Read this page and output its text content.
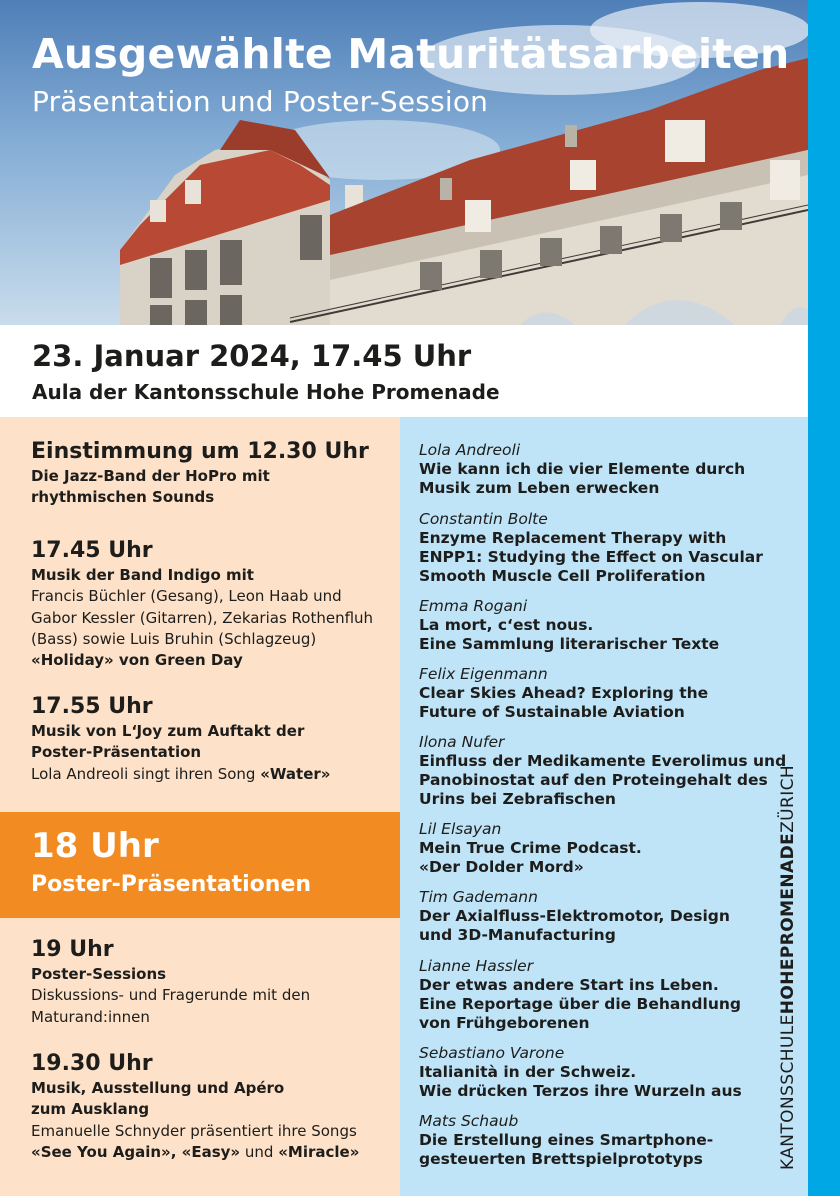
Ausgewählte Maturitätsarbeiten
Präsentation und Poster-Session
23. Januar 2024, 17.45 Uhr
Aula der Kantonsschule Hohe Promenade
Einstimmung um 12.30 Uhr
Die Jazz-Band der HoPro mit rhythmischen Sounds
17.45 Uhr
Musik der Band Indigo mit
Francis Büchler (Gesang), Leon Haab und Gabor Kessler (Gitarren), Zekarias Rothenfluh (Bass) sowie Luis Bruhin (Schlagzeug)
«Holiday» von Green Day
17.55 Uhr
Musik von L‘Joy zum Auftakt der Poster-Präsentation
Lola Andreoli singt ihren Song «Water»
18 Uhr
Poster-Präsentationen
19 Uhr
Poster-Sessions
Diskussions- und Fragerunde mit den Maturand:innen
19.30 Uhr
Musik, Ausstellung und Apéro zum Ausklang
Emanuelle Schnyder präsentiert ihre Songs
«See You Again», «Easy» und «Miracle»
Lola Andreoli
Wie kann ich die vier Elemente durch Musik zum Leben erwecken
Constantin Bolte
Enzyme Replacement Therapy with ENPP1: Studying the Effect on Vascular Smooth Muscle Cell Proliferation
Emma Rogani
La mort, c‘est nous.
Eine Sammlung literarischer Texte
Felix Eigenmann
Clear Skies Ahead? Exploring the Future of Sustainable Aviation
Ilona Nufer
Einfluss der Medikamente Everolimus und Panobinostat auf den Proteingehalt des Urins bei Zebrafischen
Lil Elsayan
Mein True Crime Podcast.
«Der Dolder Mord»
Tim Gademann
Der Axialfluss-Elektromotor, Design und 3D-Manufacturing
Lianne Hassler
Der etwas andere Start ins Leben.
Eine Reportage über die Behandlung von Frühgeborenen
Sebastiano Varone
Italianità in der Schweiz.
Wie drücken Terzos ihre Wurzeln aus
Mats Schaub
Die Erstellung eines Smartphone-gesteuerten Brettspielprototyps	KANTONSSCHULEHOHEPROMENADEZÜRICH
